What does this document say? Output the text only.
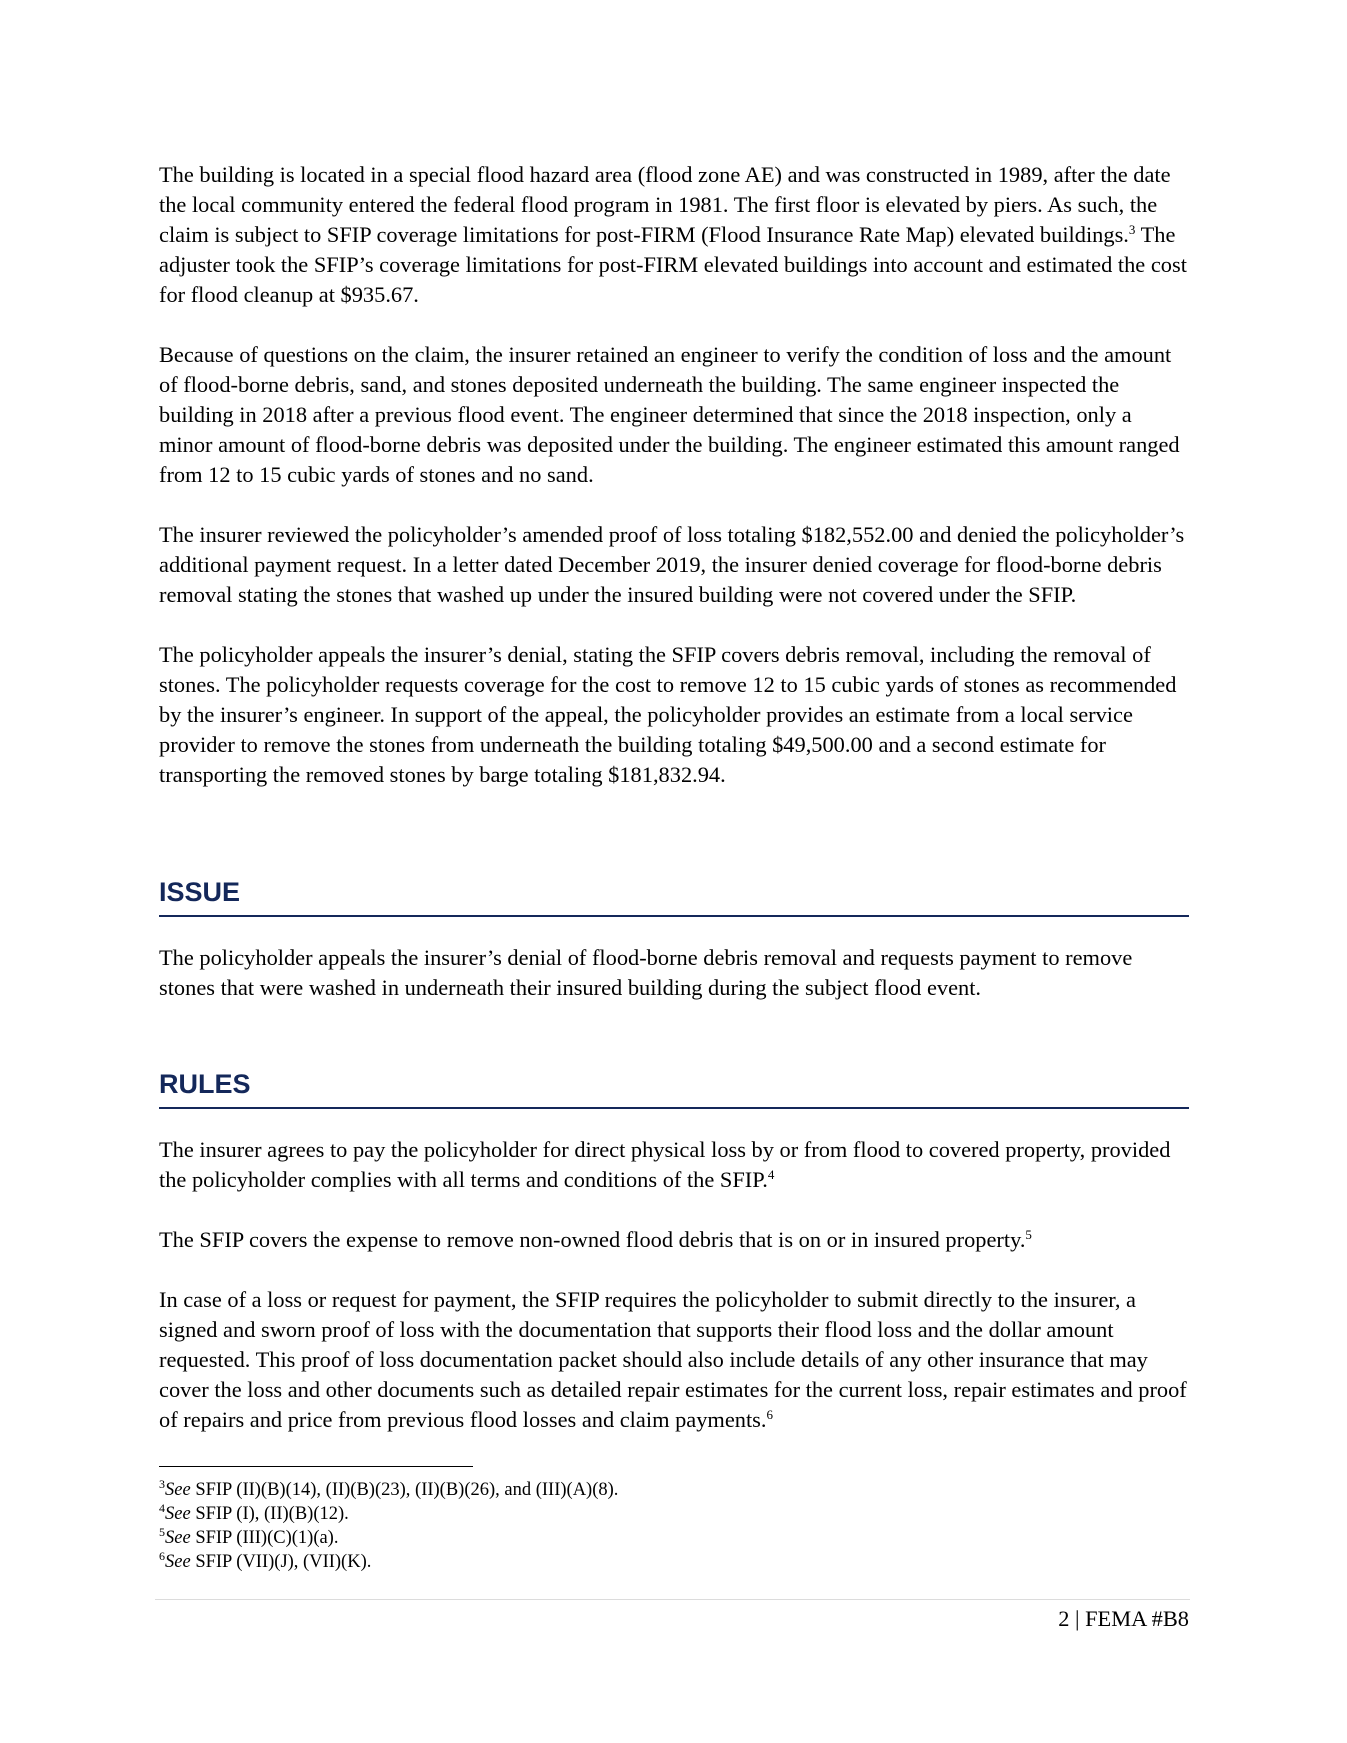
The building is located in a special flood hazard area (flood zone AE) and was constructed in 1989, after the date the local community entered the federal flood program in 1981. The first floor is elevated by piers. As such, the claim is subject to SFIP coverage limitations for post-FIRM (Flood Insurance Rate Map) elevated buildings.$^3$ The adjuster took the SFIP’s coverage limitations for post-FIRM elevated buildings into account and estimated the cost for flood cleanup at $935.67.

Because of questions on the claim, the insurer retained an engineer to verify the condition of loss and the amount of flood-borne debris, sand, and stones deposited underneath the building. The same engineer inspected the building in 2018 after a previous flood event. The engineer determined that since the 2018 inspection, only a minor amount of flood-borne debris was deposited under the building. The engineer estimated this amount ranged from 12 to 15 cubic yards of stones and no sand.

The insurer reviewed the policyholder’s amended proof of loss totaling $182,552.00 and denied the policyholder’s additional payment request. In a letter dated December 2019, the insurer denied coverage for flood-borne debris removal stating the stones that washed up under the insured building were not covered under the SFIP.

The policyholder appeals the insurer’s denial, stating the SFIP covers debris removal, including the removal of stones. The policyholder requests coverage for the cost to remove 12 to 15 cubic yards of stones as recommended by the insurer’s engineer. In support of the appeal, the policyholder provides an estimate from a local service provider to remove the stones from underneath the building totaling $49,500.00 and a second estimate for transporting the removed stones by barge totaling $181,832.94.

ISSUE

The policyholder appeals the insurer’s denial of flood-borne debris removal and requests payment to remove stones that were washed in underneath their insured building during the subject flood event.

RULES

The insurer agrees to pay the policyholder for direct physical loss by or from flood to covered property, provided the policyholder complies with all terms and conditions of the SFIP.$^4$

The SFIP covers the expense to remove non-owned flood debris that is on or in insured property.$^5$

In case of a loss or request for payment, the SFIP requires the policyholder to submit directly to the insurer, a signed and sworn proof of loss with the documentation that supports their flood loss and the dollar amount requested. This proof of loss documentation packet should also include details of any other insurance that may cover the loss and other documents such as detailed repair estimates for the current loss, repair estimates and proof of repairs and price from previous flood losses and claim payments.$^6$

$^3$See SFIP (II)(B)(14), (II)(B)(23), (II)(B)(26), and (III)(A)(8).
$^4$See SFIP (I), (II)(B)(12).
$^5$See SFIP (III)(C)(1)(a).
$^6$See SFIP (VII)(J), (VII)(K).
2 | FEMA #B8
